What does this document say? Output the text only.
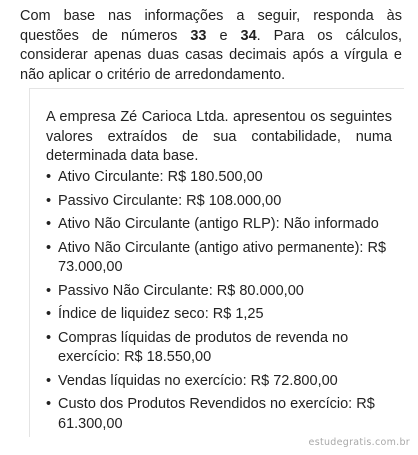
Com base nas informações a seguir, responda às questões de números 33 e 34. Para os cálculos, considerar apenas duas casas decimais após a vírgula e não aplicar o critério de arredondamento.
A empresa Zé Carioca Ltda. apresentou os seguintes valores extraídos de sua contabilidade, numa determinada data base.
• Ativo Circulante: R$ 180.500,00
• Passivo Circulante: R$ 108.000,00
• Ativo Não Circulante (antigo RLP): Não informado
• Ativo Não Circulante (antigo ativo permanente): R$ 73.000,00
• Passivo Não Circulante: R$ 80.000,00
• Índice de liquidez seco: R$ 1,25
• Compras líquidas de produtos de revenda no exercício: R$ 18.550,00
• Vendas líquidas no exercício: R$ 72.800,00
• Custo dos Produtos Revendidos no exercício: R$ 61.300,00
estudegratis.com.br
